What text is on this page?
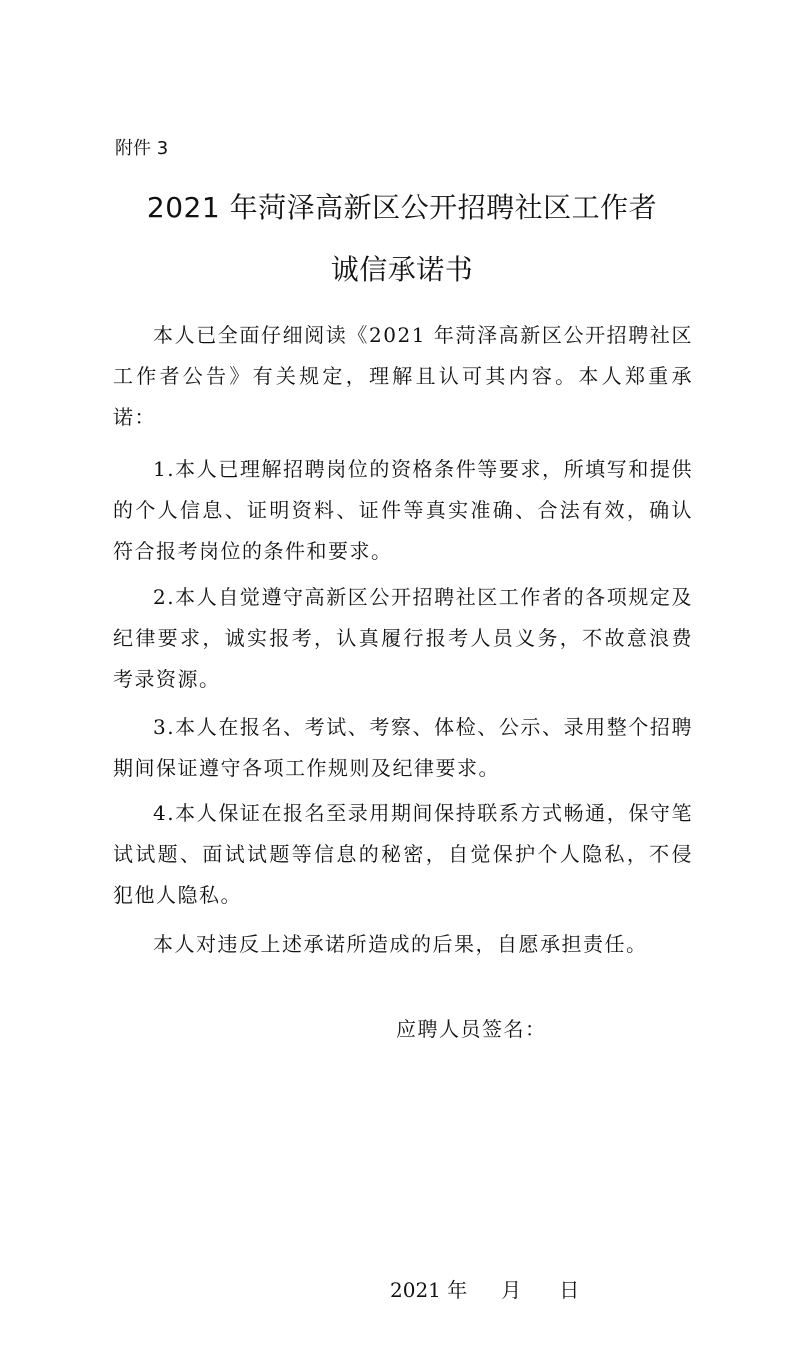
附件 3
2021 年菏泽高新区公开招聘社区工作者
诚信承诺书

本人已全面仔细阅读《2021 年菏泽高新区公开招聘社区工作者公告》有关规定，理解且认可其内容。本人郑重承诺：

1.本人已理解招聘岗位的资格条件等要求，所填写和提供的个人信息、证明资料、证件等真实准确、合法有效，确认符合报考岗位的条件和要求。

2.本人自觉遵守高新区公开招聘社区工作者的各项规定及纪律要求，诚实报考，认真履行报考人员义务，不故意浪费考录资源。

3.本人在报名、考试、考察、体检、公示、录用整个招聘期间保证遵守各项工作规则及纪律要求。

4.本人保证在报名至录用期间保持联系方式畅通，保守笔试试题、面试试题等信息的秘密，自觉保护个人隐私，不侵犯他人隐私。

本人对违反上述承诺所造成的后果，自愿承担责任。

应聘人员签名：
2021 年 月 日
